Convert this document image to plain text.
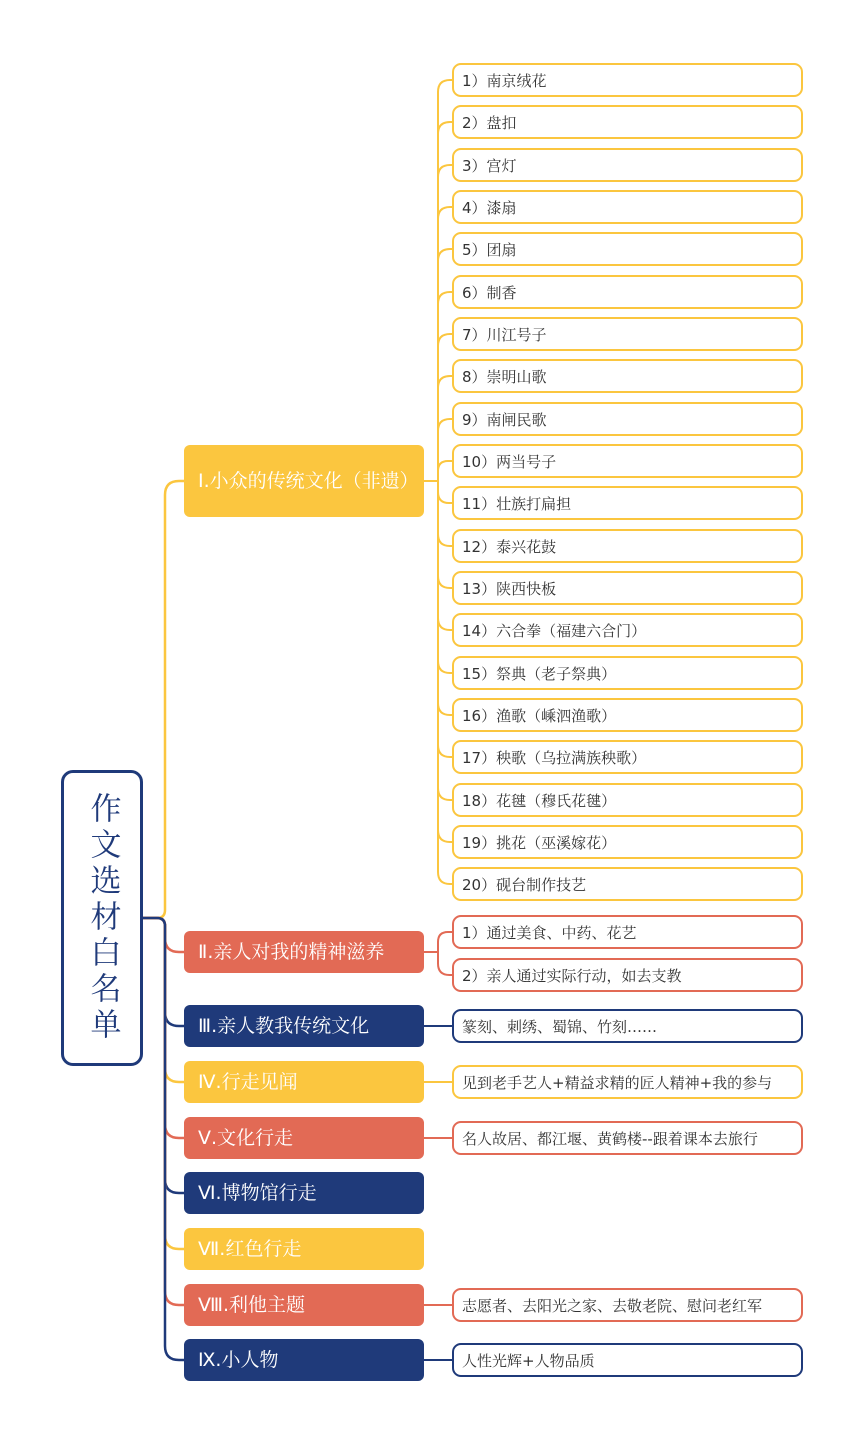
作文选材白名单
Ⅰ.小众的传统文化（非遗）
Ⅱ.亲人对我的精神滋养
Ⅲ.亲人教我传统文化
Ⅳ.行走见闻
Ⅴ.文化行走
Ⅵ.博物馆行走
Ⅶ.红色行走
Ⅷ.利他主题
Ⅸ.小人物
1）南京绒花
2）盘扣
3）宫灯
4）漆扇
5）团扇
6）制香
7）川江号子
8）崇明山歌
9）南闸民歌
10）两当号子
11）壮族打扁担
12）泰兴花鼓
13）陕西快板
14）六合拳（福建六合门）
15）祭典（老子祭典）
16）渔歌（嵊泗渔歌）
17）秧歌（乌拉满族秧歌）
18）花毽（穆氏花毽）
19）挑花（巫溪嫁花）
20）砚台制作技艺
1）通过美食、中药、花艺
2）亲人通过实际行动，如去支教
篆刻、刺绣、蜀锦、竹刻……
见到老手艺人+精益求精的匠人精神+我的参与
名人故居、都江堰、黄鹤楼--跟着课本去旅行
志愿者、去阳光之家、去敬老院、慰问老红军
人性光辉+人物品质
